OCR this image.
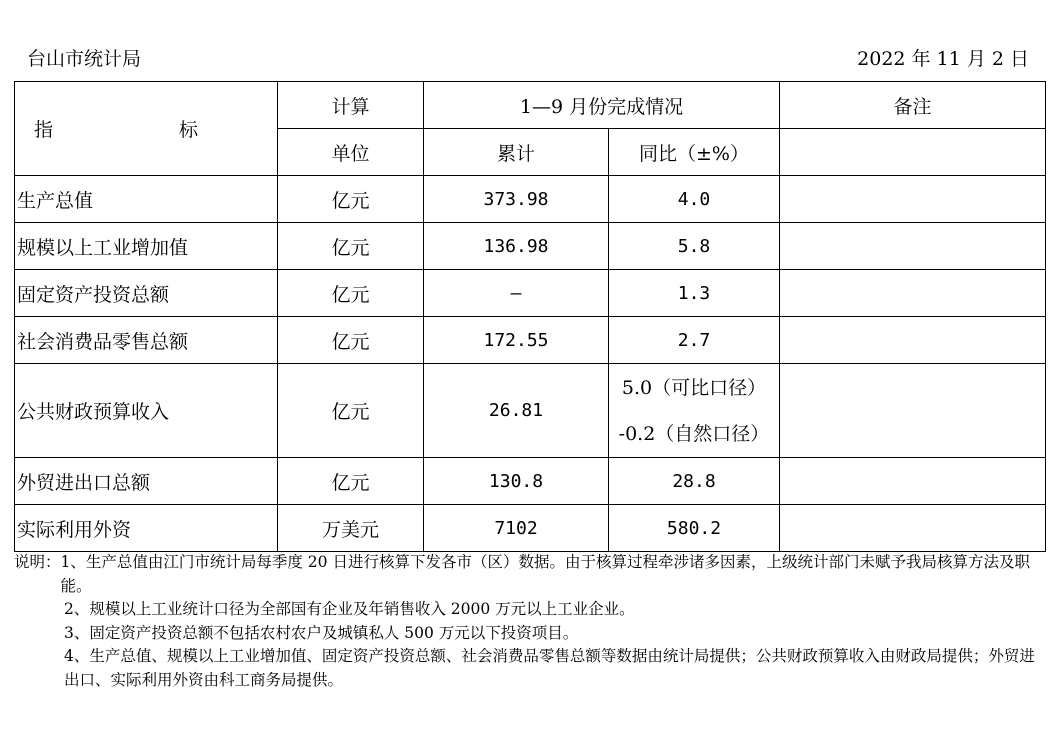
台山市统计局	2022 年 11 月 2 日
指 标	计算	1—9 月份完成情况		备注
	单位	累计	同比（±%）	
生产总值	亿元	373.98	4.0	
规模以上工业增加值	亿元	136.98	5.8	
固定资产投资总额	亿元	–	1.3	
社会消费品零售总额	亿元	172.55	2.7	
公共财政预算收入	亿元	26.81	5.0（可比口径）
-0.2（自然口径）	

外贸进出口总额	亿元	130.8	28.8	
实际利用外资	万美元	7102	580.2	
说明： 1、生产总值由江门市统计局每季度 20 日进行核算下发各市（区）数据。由于核算过程牵涉诸多因素，上级统计部门未赋予我局核算方法及职能。
2、规模以上工业统计口径为全部国有企业及年销售收入 2000 万元以上工业企业。
3、固定资产投资总额不包括农村农户及城镇私人 500 万元以下投资项目。
4、生产总值、规模以上工业增加值、固定资产投资总额、社会消费品零售总额等数据由统计局提供；公共财政预算收入由财政局提供；外贸进出口、实际利用外资由科工商务局提供。
